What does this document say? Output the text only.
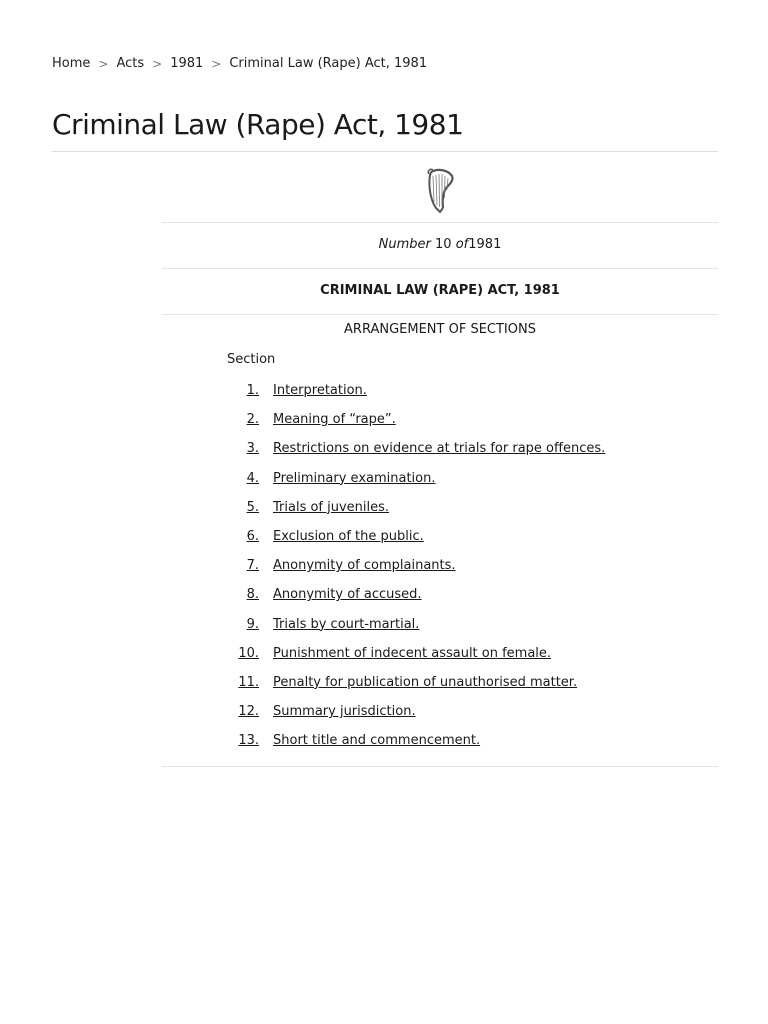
Home > Acts > 1981 > Criminal Law (Rape) Act, 1981
Criminal Law (Rape) Act, 1981
Number 10 of1981
CRIMINAL LAW (RAPE) ACT, 1981
ARRANGEMENT OF SECTIONS
Section
1. Interpretation.
2. Meaning of “rape”.
3. Restrictions on evidence at trials for rape offences.
4. Preliminary examination.
5. Trials of juveniles.
6. Exclusion of the public.
7. Anonymity of complainants.
8. Anonymity of accused.
9. Trials by court-martial.
10. Punishment of indecent assault on female.
11. Penalty for publication of unauthorised matter.
12. Summary jurisdiction.
13. Short title and commencement.
